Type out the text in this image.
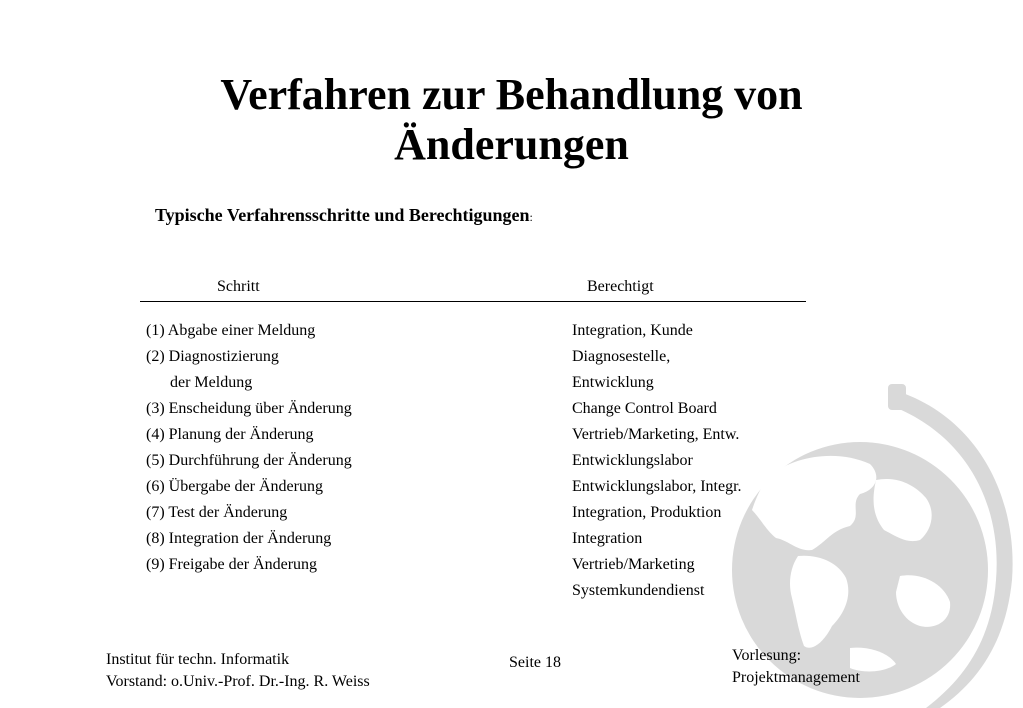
Verfahren zur Behandlung von
Änderungen
Typische Verfahrensschritte und Berechtigungen:
Schritt	Berechtigt
(1) Abgabe einer Meldung	Integration, Kunde
(2) Diagnostizierung	Diagnosestelle,
der Meldung	Entwicklung
(3) Enscheidung über Änderung	Change Control Board
(4) Planung der Änderung	Vertrieb/Marketing, Entw.
(5) Durchführung der Änderung	Entwicklungslabor
(6) Übergabe der Änderung	Entwicklungslabor, Integr.
(7) Test der Änderung	Integration, Produktion
(8) Integration der Änderung	Integration
(9) Freigabe der Änderung	Vertrieb/Marketing
Systemkundendienst
Institut für techn. Informatik
Vorstand: o.Univ.-Prof. Dr.-Ing. R. Weiss
Seite 18	Vorlesung:
Projektmanagement
